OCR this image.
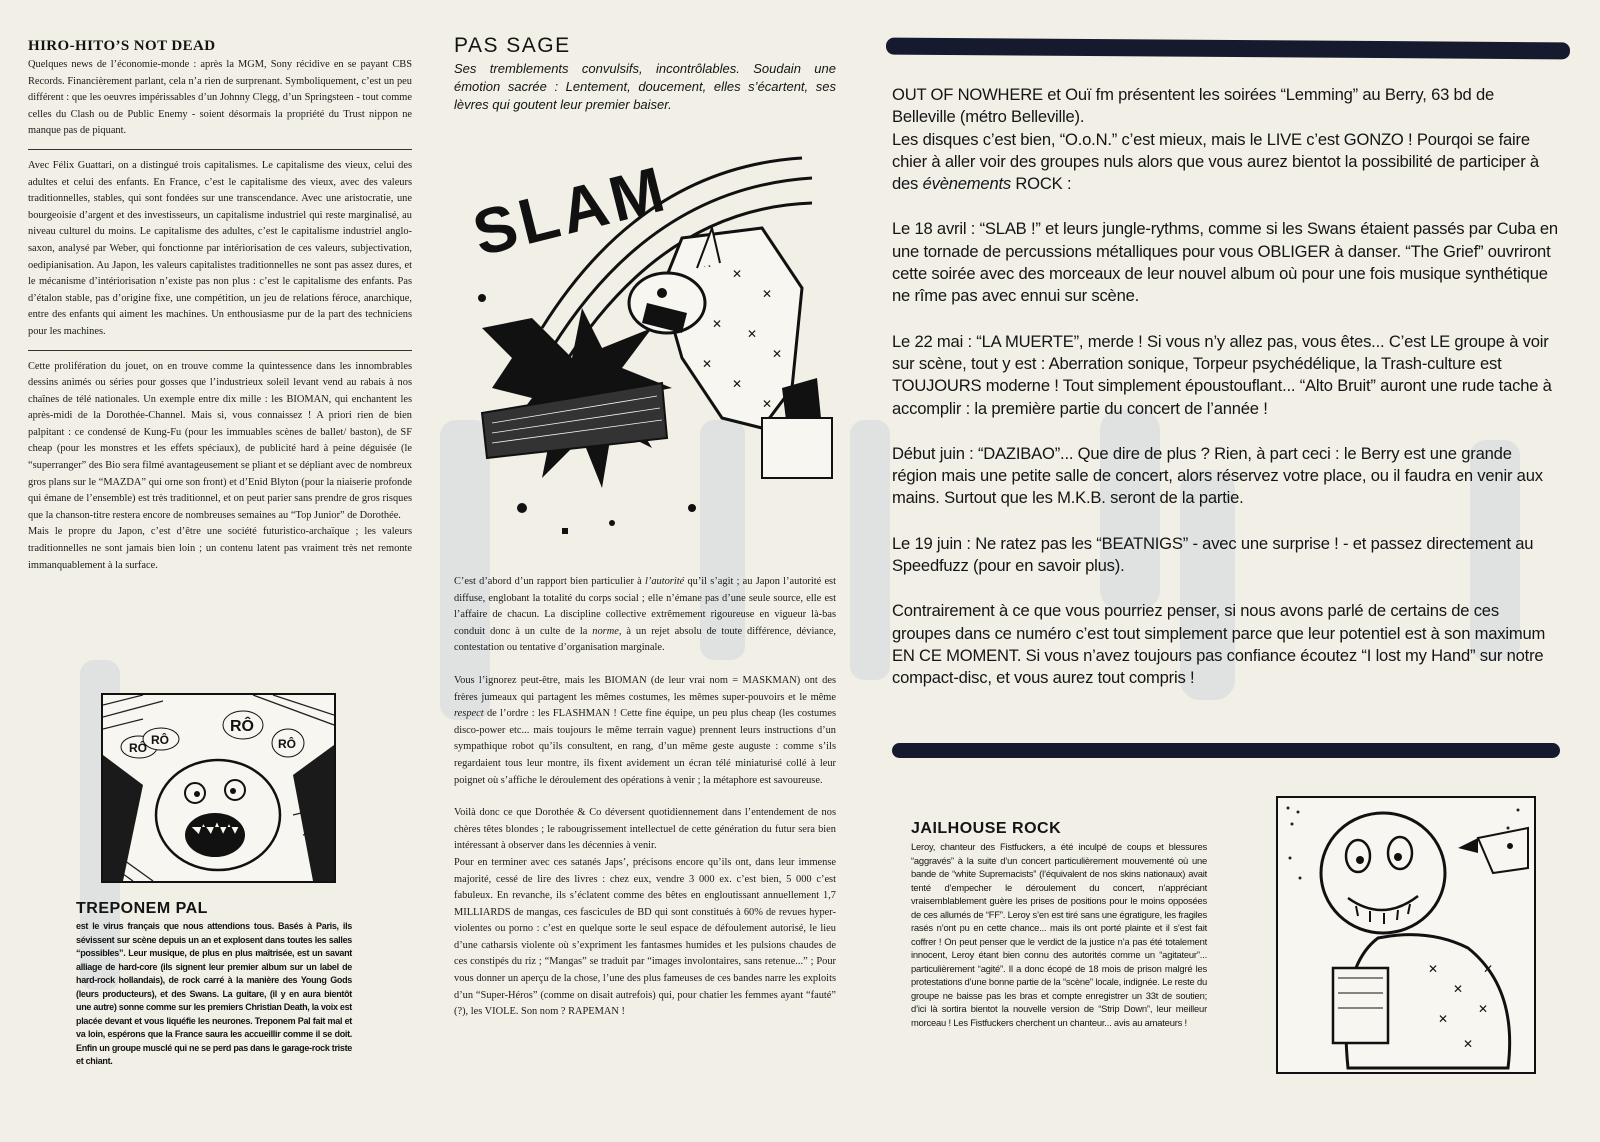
HIRO-HITO’S NOT DEAD

Quelques news de l’économie-monde : après la MGM, Sony récidive en se payant CBS Records. Financièrement parlant, cela n’a rien de surprenant. Symboliquement, c’est un peu différent : que les oeuvres impérissables d’un Johnny Clegg, d’un Springsteen - tout comme celles du Clash ou de Public Enemy - soient désormais la propriété du Trust nippon ne manque pas de piquant.

Avec Félix Guattari, on a distingué trois capitalismes. Le capitalisme des vieux, celui des adultes et celui des enfants. En France, c’est le capitalisme des vieux, avec des valeurs traditionnelles, stables, qui sont fondées sur une transcendance. Avec une aristocratie, une bourgeoisie d’argent et des investisseurs, un capitalisme industriel qui reste marginalisé, au niveau culturel du moins. Le capitalisme des adultes, c’est le capitalisme industriel anglo-saxon, analysé par Weber, qui fonctionne par intériorisation de ces valeurs, subjectivation, oedipianisation. Au Japon, les valeurs capitalistes traditionnelles ne sont pas assez dures, et le mécanisme d’intériorisation n’existe pas non plus : c’est le capitalisme des enfants. Pas d’étalon stable, pas d’origine fixe, une compétition, un jeu de relations féroce, anarchique, entre des enfants qui aiment les machines. Un enthousiasme pur de la part des techniciens pour les machines.

Cette prolifération du jouet, on en trouve comme la quintessence dans les innombrables dessins animés ou séries pour gosses que l’industrieux soleil levant vend au rabais à nos chaînes de télé nationales. Un exemple entre dix mille : les BIOMAN, qui enchantent les après-midi de la Dorothée-Channel. Mais si, vous connaissez ! A priori rien de bien palpitant : ce condensé de Kung-Fu (pour les immuables scènes de ballet/ baston), de SF cheap (pour les monstres et les effets spéciaux), de publicité hard à peine déguisée (le “superranger” des Bio sera filmé avantageusement se pliant et se dépliant avec de nombreux gros plans sur le “MAZDA” qui orne son front) et d’Enid Blyton (pour la niaiserie profonde qui émane de l’ensemble) est très traditionnel, et on peut parier sans prendre de gros risques que la chanson-titre restera encore de nombreuses semaines au “Top Junior” de Dorothée.

Mais le propre du Japon, c’est d’être une société futuristico-archaïque ; les valeurs traditionnelles ne sont jamais bien loin ; un contenu latent pas vraiment très net remonte immanquablement à la surface.

RÔ
RÔ
RÔ
RÔ
TREPONEM PAL
est le virus français que nous attendions tous. Basés à Paris, ils sévissent sur scène depuis un an et explosent dans toutes les salles “possibles”. Leur musique, de plus en plus maîtrisée, est un savant alliage de hard-core (ils signent leur premier album sur un label de hard-rock hollandais), de rock carré à la manière des Young Gods (leurs producteurs), et des Swans. La guitare, (il y en aura bientôt une autre) sonne comme sur les premiers Christian Death, la voix est placée devant et vous liquéfie les neurones. Treponem Pal fait mal et va loin, espérons que la France saura les accueillir comme il se doit. Enfin un groupe musclé qui ne se perd pas dans le garage-rock triste et chiant.
PAS SAGE
Ses tremblements convulsifs, incontrôlables. Soudain une émotion sacrée : Lentement, doucement, elles s’écartent, ses lèvres qui goutent leur premier baiser.
SLAM
✕
✕
✕
✕
✕
✕
✕
✕

C’est d’abord d’un rapport bien particulier à l’autorité qu’il s’agit ; au Japon l’autorité est diffuse, englobant la totalité du corps social ; elle n’émane pas d’une seule source, elle est l’affaire de chacun. La discipline collective extrêmement rigoureuse en vigueur là-bas conduit donc à un culte de la norme, à un rejet absolu de toute différence, déviance, contestation ou tentative d’organisation marginale.

Vous l’ignorez peut-être, mais les BIOMAN (de leur vrai nom = MASKMAN) ont des frères jumeaux qui partagent les mêmes costumes, les mêmes super-pouvoirs et le même respect de l’ordre : les FLASHMAN ! Cette fine équipe, un peu plus cheap (les costumes disco-power etc... mais toujours le même terrain vague) prennent leurs instructions d’un sympathique robot qu’ils consultent, en rang, d’un même geste auguste : comme s’ils regardaient tous leur montre, ils fixent avidement un écran télé miniaturisé collé à leur poignet où s’affiche le déroulement des opérations à venir ; la métaphore est savoureuse.

Voilà donc ce que Dorothée & Co déversent quotidiennement dans l’entendement de nos chères têtes blondes ; le rabougrissement intellectuel de cette génération du futur sera bien intéressant à observer dans les décennies à venir.

Pour en terminer avec ces satanés Japs’, précisons encore qu’ils ont, dans leur immense majorité, cessé de lire des livres : chez eux, vendre 3 000 ex. c’est bien, 5 000 c’est fabuleux. En revanche, ils s’éclatent comme des bêtes en engloutissant annuellement 1,7 MILLIARDS de mangas, ces fascicules de BD qui sont constitués à 60% de revues hyper-violentes ou porno : c’est en quelque sorte le seul espace de défoulement autorisé, le lieu d’une catharsis violente où s’expriment les fantasmes humides et les pulsions chaudes de ces constipés du riz ; “Mangas” se traduit par “images involontaires, sans retenue...” ; Pour vous donner un aperçu de la chose, l’une des plus fameuses de ces bandes narre les exploits d’un “Super-Héros” (comme on disait autrefois) qui, pour chatier les femmes ayant “fauté” (?), les VIOLE. Son nom ? RAPEMAN !

OUT OF NOWHERE et Ouï fm présentent les soirées “Lemming” au Berry, 63 bd de Belleville (métro Belleville).

Les disques c’est bien, “O.o.N.” c’est mieux, mais le LIVE c’est GONZO ! Pourqoi se faire chier à aller voir des groupes nuls alors que vous aurez bientot la possibilité de participer à des évènements ROCK :

Le 18 avril : “SLAB !” et leurs jungle-rythms, comme si les Swans étaient passés par Cuba en une tornade de percussions métalliques pour vous OBLIGER à danser. “The Grief” ouvriront cette soirée avec des morceaux de leur nouvel album où pour une fois musique synthétique ne rîme pas avec ennui sur scène.

Le 22 mai : “LA MUERTE”, merde ! Si vous n’y allez pas, vous êtes... C’est LE groupe à voir sur scène, tout y est : Aberration sonique, Torpeur psychédélique, la Trash-culture est TOUJOURS moderne ! Tout simplement époustouflant... “Alto Bruit” auront une rude tache à accomplir : la première partie du concert de l’année !

Début juin : “DAZIBAO”... Que dire de plus ? Rien, à part ceci : le Berry est une grande région mais une petite salle de concert, alors réservez votre place, ou il faudra en venir aux mains. Surtout que les M.K.B. seront de la partie.

Le 19 juin : Ne ratez pas les “BEATNIGS” - avec une surprise ! - et passez directement au Speedfuzz (pour en savoir plus).

Contrairement à ce que vous pourriez penser, si nous avons parlé de certains de ces groupes dans ce numéro c’est tout simplement parce que leur potentiel est à son maximum EN CE MOMENT. Si vous n’avez toujours pas confiance écoutez “I lost my Hand” sur notre compact-disc, et vous aurez tout compris !

JAILHOUSE ROCK
Leroy, chanteur des Fistfuckers, a été inculpé de coups et blessures “aggravés” à la suite d’un concert particulièrement mouvementé où une bande de “white Supremacists” (l’équivalent de nos skins nationaux) avait tenté d’empecher le déroulement du concert, n’appréciant vraisemblablement guère les prises de positions pour le moins opposées de ces allumés de “FF”. Leroy s’en est tiré sans une égratigure, les fragiles rasés n’ont pu en cette chance... mais ils ont porté plainte et il s’est fait coffrer ! On peut penser que le verdict de la justice n’a pas été totalement innocent, Leroy étant bien connu des autorités comme un “agitateur”... particulièrement “agité”. Il a donc écopé de 18 mois de prison malgré les protestations d’une bonne partie de la “scène” locale, indignée. Le reste du groupe ne baisse pas les bras et compte enregistrer un 33t de soutien; d’ici là sortira bientot la nouvelle version de “Strip Down”, leur meilleur morceau ! Les Fistfuckers cherchent un chanteur... avis au amateurs !
✕
✕
✕
✕
✕
✕
